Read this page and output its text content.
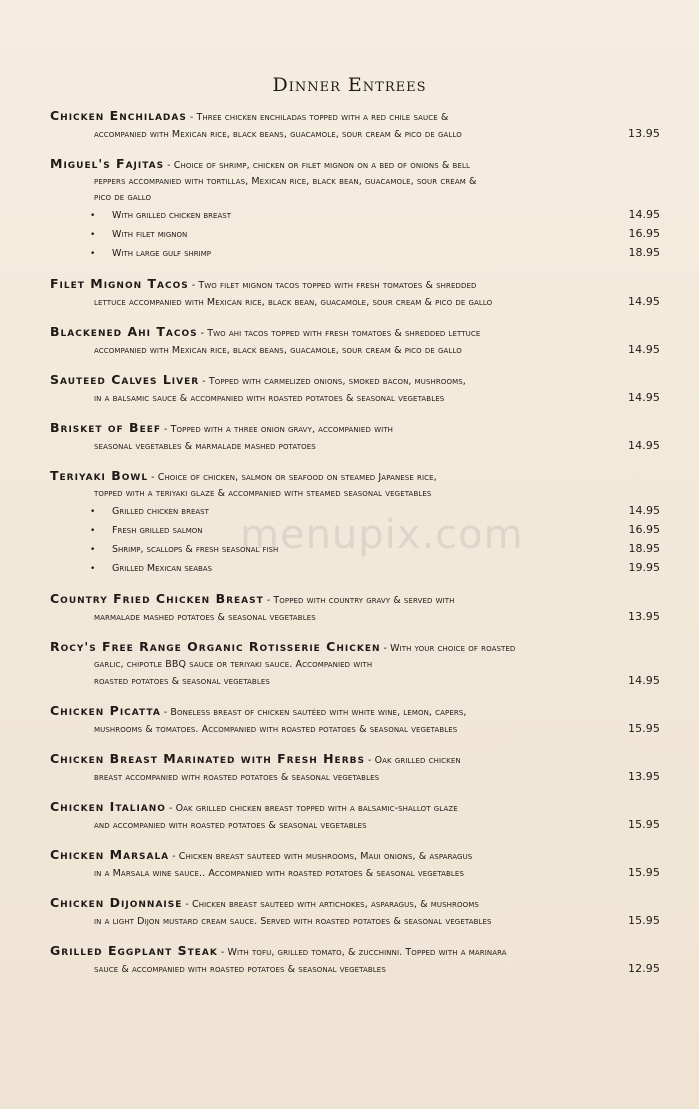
Dinner Entrees
Chicken Enchiladas - Three chicken enchiladas topped with a red chile sauce &
accompanied with Mexican rice, black beans, guacamole, sour cream & pico de gallo	13.95
Miguel's Fajitas - Choice of shrimp, chicken or filet mignon on a bed of onions & bell
peppers accompanied with tortillas, Mexican rice, black bean, guacamole, sour cream &
pico de gallo
•	With grilled chicken breast	14.95
•	With filet mignon	16.95
•	With large gulf shrimp	18.95
Filet Mignon Tacos - Two filet mignon tacos topped with fresh tomatoes & shredded
lettuce accompanied with Mexican rice, black bean, guacamole, sour cream & pico de gallo	14.95
Blackened Ahi Tacos - Two ahi tacos topped with fresh tomatoes & shredded lettuce
accompanied with Mexican rice, black beans, guacamole, sour cream & pico de gallo	14.95
Sauteed Calves Liver - Topped with carmelized onions, smoked bacon, mushrooms,
in a balsamic sauce & accompanied with roasted potatoes & seasonal vegetables	14.95
Brisket of Beef - Topped with a three onion gravy, accompanied with
seasonal vegetables & marmalade mashed potatoes	14.95
Teriyaki Bowl - Choice of chicken, salmon or seafood on steamed Japanese rice,
topped with a teriyaki glaze & accompanied with steamed seasonal vegetables
•	Grilled chicken breast	14.95
•	Fresh grilled salmon	16.95
•	Shrimp, scallops & fresh seasonal fish	18.95
•	Grilled Mexican seabas	19.95
Country Fried Chicken Breast - Topped with country gravy & served with
marmalade mashed potatoes & seasonal vegetables	13.95
Rocy's Free Range Organic Rotisserie Chicken - With your choice of roasted
garlic, chipotle BBQ sauce or teriyaki sauce. Accompanied with
roasted potatoes & seasonal vegetables	14.95
Chicken Picatta - Boneless breast of chicken sautéed with white wine, lemon, capers,
mushrooms & tomatoes. Accompanied with roasted potatoes & seasonal vegetables	15.95
Chicken Breast Marinated with Fresh Herbs - Oak grilled chicken
breast accompanied with roasted potatoes & seasonal vegetables	13.95
Chicken Italiano - Oak grilled chicken breast topped with a balsamic-shallot glaze
and accompanied with roasted potatoes & seasonal vegetables	15.95
Chicken Marsala - Chicken breast sauteed with mushrooms, Maui onions, & asparagus
in a Marsala wine sauce.. Accompanied with roasted potatoes & seasonal vegetables	15.95
Chicken Dijonnaise - Chicken breast sauteed with artichokes, asparagus, & mushrooms
in a light Dijon mustard cream sauce. Served with roasted potatoes & seasonal vegetables	15.95
Grilled Eggplant Steak - With tofu, grilled tomato, & zucchinni. Topped with a marinara
sauce & accompanied with roasted potatoes & seasonal vegetables	12.95
menupix.com
